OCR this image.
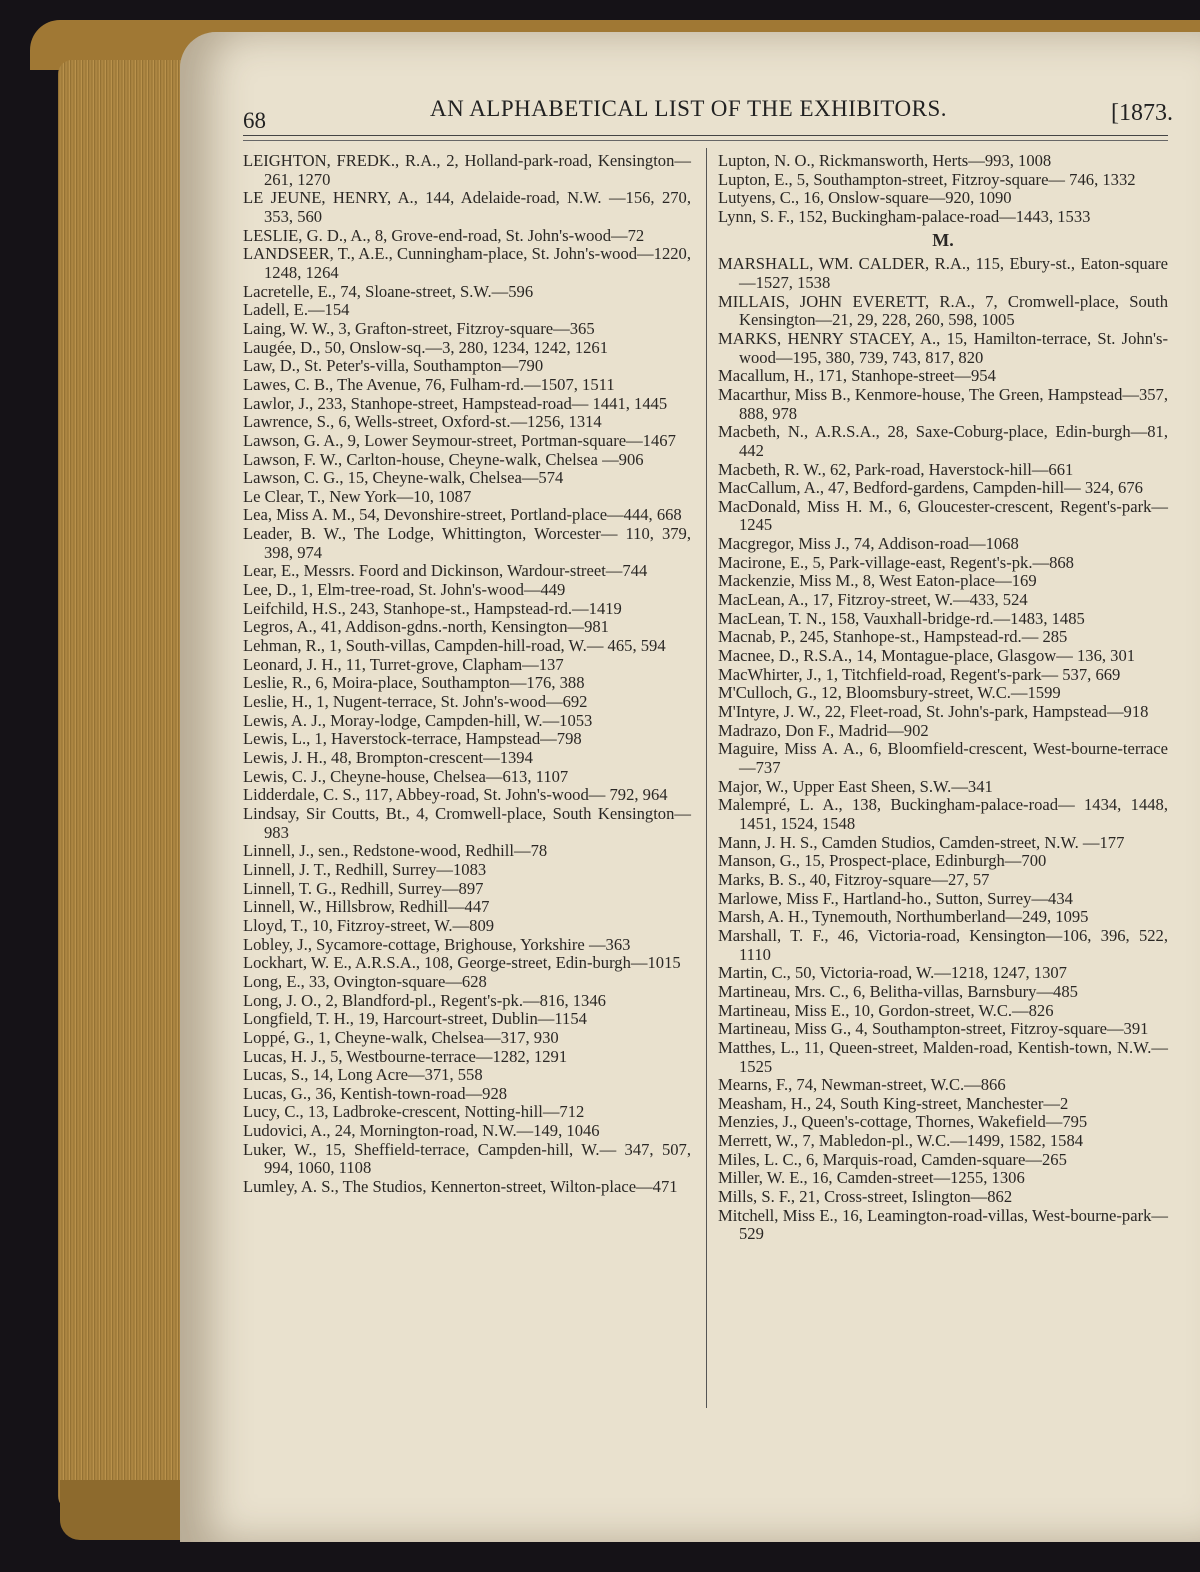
68	AN ALPHABETICAL LIST OF THE EXHIBITORS.	[1873.

LEIGHTON, FREDK., R.A., 2, Holland-park-road, Kensington—261, 1270

LE JEUNE, HENRY, A., 144, Adelaide-road, N.W. —156, 270, 353, 560

LESLIE, G. D., A., 8, Grove-end-road, St. John's-wood—72

LANDSEER, T., A.E., Cunningham-place, St. John's-wood—1220, 1248, 1264

Lacretelle, E., 74, Sloane-street, S.W.—596

Ladell, E.—154

Laing, W. W., 3, Grafton-street, Fitzroy-square—365

Laugée, D., 50, Onslow-sq.—3, 280, 1234, 1242, 1261

Law, D., St. Peter's-villa, Southampton—790

Lawes, C. B., The Avenue, 76, Fulham-rd.—1507, 1511

Lawlor, J., 233, Stanhope-street, Hampstead-road— 1441, 1445

Lawrence, S., 6, Wells-street, Oxford-st.—1256, 1314

Lawson, G. A., 9, Lower Seymour-street, Portman-square—1467

Lawson, F. W., Carlton-house, Cheyne-walk, Chelsea —906

Lawson, C. G., 15, Cheyne-walk, Chelsea—574

Le Clear, T., New York—10, 1087

Lea, Miss A. M., 54, Devonshire-street, Portland-place—444, 668

Leader, B. W., The Lodge, Whittington, Worcester— 110, 379, 398, 974

Lear, E., Messrs. Foord and Dickinson, Wardour-street—744

Lee, D., 1, Elm-tree-road, St. John's-wood—449

Leifchild, H.S., 243, Stanhope-st., Hampstead-rd.—1419

Legros, A., 41, Addison-gdns.-north, Kensington—981

Lehman, R., 1, South-villas, Campden-hill-road, W.— 465, 594

Leonard, J. H., 11, Turret-grove, Clapham—137

Leslie, R., 6, Moira-place, Southampton—176, 388

Leslie, H., 1, Nugent-terrace, St. John's-wood—692

Lewis, A. J., Moray-lodge, Campden-hill, W.—1053

Lewis, L., 1, Haverstock-terrace, Hampstead—798

Lewis, J. H., 48, Brompton-crescent—1394

Lewis, C. J., Cheyne-house, Chelsea—613, 1107

Lidderdale, C. S., 117, Abbey-road, St. John's-wood— 792, 964

Lindsay, Sir Coutts, Bt., 4, Cromwell-place, South Kensington—983

Linnell, J., sen., Redstone-wood, Redhill—78

Linnell, J. T., Redhill, Surrey—1083

Linnell, T. G., Redhill, Surrey—897

Linnell, W., Hillsbrow, Redhill—447

Lloyd, T., 10, Fitzroy-street, W.—809

Lobley, J., Sycamore-cottage, Brighouse, Yorkshire —363

Lockhart, W. E., A.R.S.A., 108, George-street, Edin-burgh—1015

Long, E., 33, Ovington-square—628

Long, J. O., 2, Blandford-pl., Regent's-pk.—816, 1346

Longfield, T. H., 19, Harcourt-street, Dublin—1154

Loppé, G., 1, Cheyne-walk, Chelsea—317, 930

Lucas, H. J., 5, Westbourne-terrace—1282, 1291

Lucas, S., 14, Long Acre—371, 558

Lucas, G., 36, Kentish-town-road—928

Lucy, C., 13, Ladbroke-crescent, Notting-hill—712

Ludovici, A., 24, Mornington-road, N.W.—149, 1046

Luker, W., 15, Sheffield-terrace, Campden-hill, W.— 347, 507, 994, 1060, 1108

Lumley, A. S., The Studios, Kennerton-street, Wilton-place—471

Lupton, N. O., Rickmansworth, Herts—993, 1008

Lupton, E., 5, Southampton-street, Fitzroy-square— 746, 1332

Lutyens, C., 16, Onslow-square—920, 1090

Lynn, S. F., 152, Buckingham-palace-road—1443, 1533

M.

MARSHALL, WM. CALDER, R.A., 115, Ebury-st., Eaton-square—1527, 1538

MILLAIS, JOHN EVERETT, R.A., 7, Cromwell-place, South Kensington—21, 29, 228, 260, 598, 1005

MARKS, HENRY STACEY, A., 15, Hamilton-terrace, St. John's-wood—195, 380, 739, 743, 817, 820

Macallum, H., 171, Stanhope-street—954

Macarthur, Miss B., Kenmore-house, The Green, Hampstead—357, 888, 978

Macbeth, N., A.R.S.A., 28, Saxe-Coburg-place, Edin-burgh—81, 442

Macbeth, R. W., 62, Park-road, Haverstock-hill—661

MacCallum, A., 47, Bedford-gardens, Campden-hill— 324, 676

MacDonald, Miss H. M., 6, Gloucester-crescent, Regent's-park—1245

Macgregor, Miss J., 74, Addison-road—1068

Macirone, E., 5, Park-village-east, Regent's-pk.—868

Mackenzie, Miss M., 8, West Eaton-place—169

MacLean, A., 17, Fitzroy-street, W.—433, 524

MacLean, T. N., 158, Vauxhall-bridge-rd.—1483, 1485

Macnab, P., 245, Stanhope-st., Hampstead-rd.— 285

Macnee, D., R.S.A., 14, Montague-place, Glasgow— 136, 301

MacWhirter, J., 1, Titchfield-road, Regent's-park— 537, 669

M'Culloch, G., 12, Bloomsbury-street, W.C.—1599

M'Intyre, J. W., 22, Fleet-road, St. John's-park, Hampstead—918

Madrazo, Don F., Madrid—902

Maguire, Miss A. A., 6, Bloomfield-crescent, West-bourne-terrace—737

Major, W., Upper East Sheen, S.W.—341

Malempré, L. A., 138, Buckingham-palace-road— 1434, 1448, 1451, 1524, 1548

Mann, J. H. S., Camden Studios, Camden-street, N.W. —177

Manson, G., 15, Prospect-place, Edinburgh—700

Marks, B. S., 40, Fitzroy-square—27, 57

Marlowe, Miss F., Hartland-ho., Sutton, Surrey—434

Marsh, A. H., Tynemouth, Northumberland—249, 1095

Marshall, T. F., 46, Victoria-road, Kensington—106, 396, 522, 1110

Martin, C., 50, Victoria-road, W.—1218, 1247, 1307

Martineau, Mrs. C., 6, Belitha-villas, Barnsbury—485

Martineau, Miss E., 10, Gordon-street, W.C.—826

Martineau, Miss G., 4, Southampton-street, Fitzroy-square—391

Matthes, L., 11, Queen-street, Malden-road, Kentish-town, N.W.—1525

Mearns, F., 74, Newman-street, W.C.—866

Measham, H., 24, South King-street, Manchester—2

Menzies, J., Queen's-cottage, Thornes, Wakefield—795

Merrett, W., 7, Mabledon-pl., W.C.—1499, 1582, 1584

Miles, L. C., 6, Marquis-road, Camden-square—265

Miller, W. E., 16, Camden-street—1255, 1306

Mills, S. F., 21, Cross-street, Islington—862

Mitchell, Miss E., 16, Leamington-road-villas, West-bourne-park—529
